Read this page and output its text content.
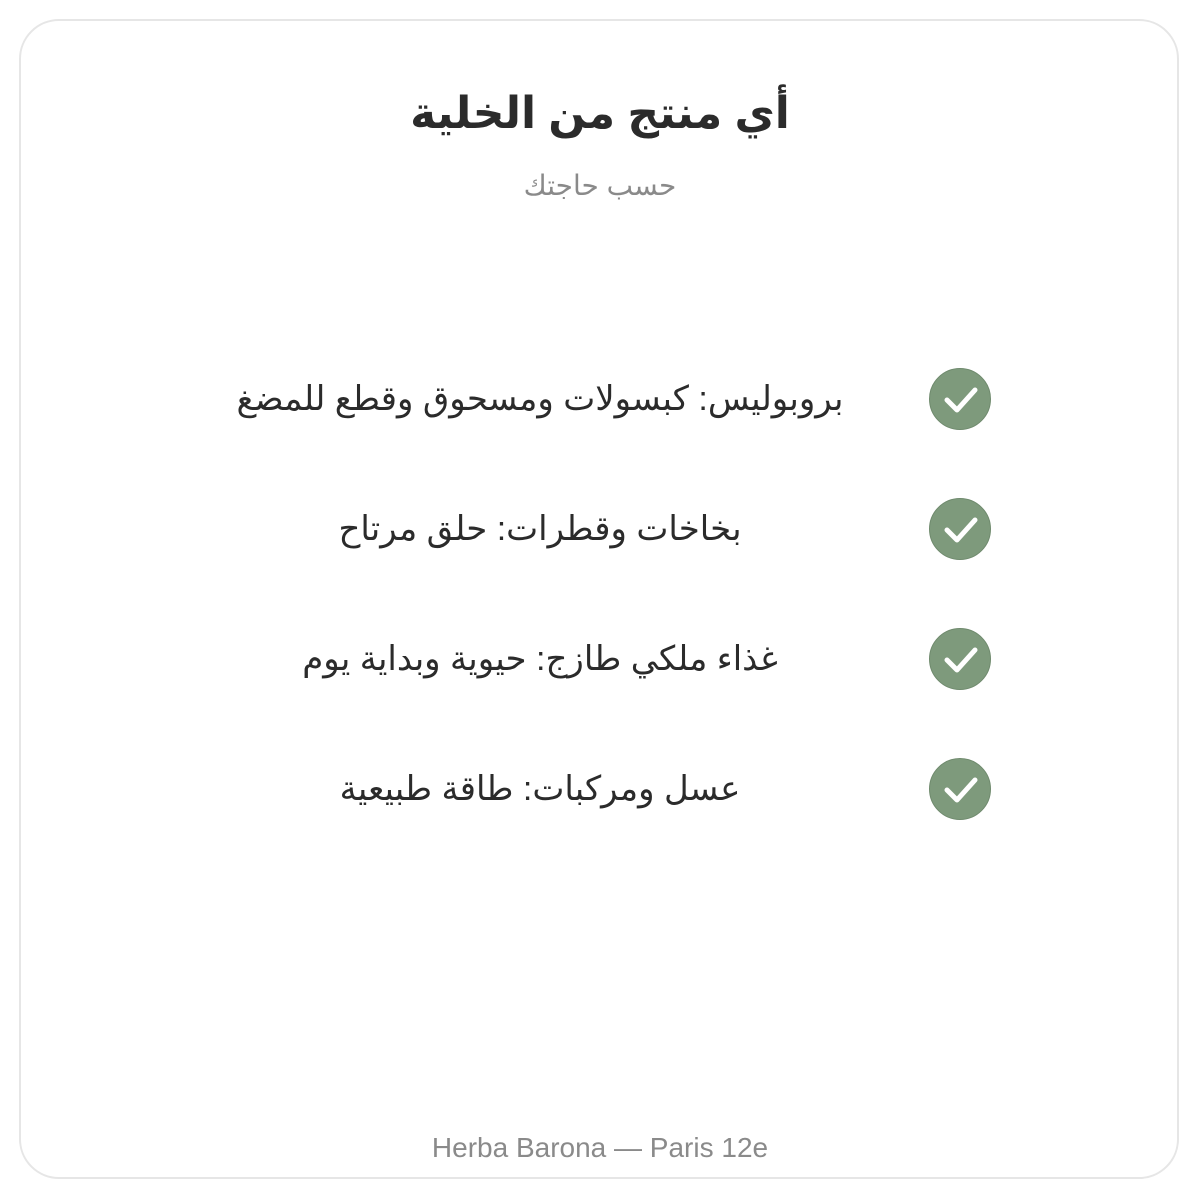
أي منتج من الخلية
حسب حاجتك
بروبوليس: كبسولات ومسحوق وقطع للمضغ
بخاخات وقطرات: حلق مرتاح
غذاء ملكي طازج: حيوية وبداية يوم
عسل ومركبات: طاقة طبيعية
Herba Barona — Paris 12e
